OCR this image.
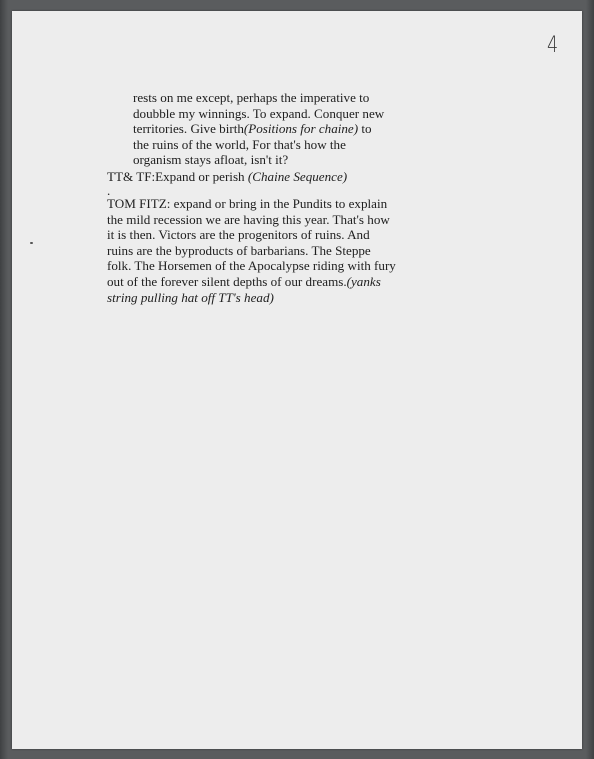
4
rests on me except, perhaps the imperative to
doubble my winnings. To expand. Conquer new
territories. Give birth(Positions for chaine) to
the ruins of the world, For that's how the
organism stays afloat, isn't it?
TT& TF:Expand or perish (Chaine Sequence)
.
TOM FITZ: expand or bring in the Pundits to explain
the mild recession we are having this year. That's how
it is then. Victors are the progenitors of ruins. And
ruins are the byproducts of barbarians. The Steppe
folk. The Horsemen of the Apocalypse riding with fury
out of the forever silent depths of our dreams.(yanks
string pulling hat off TT's head)
